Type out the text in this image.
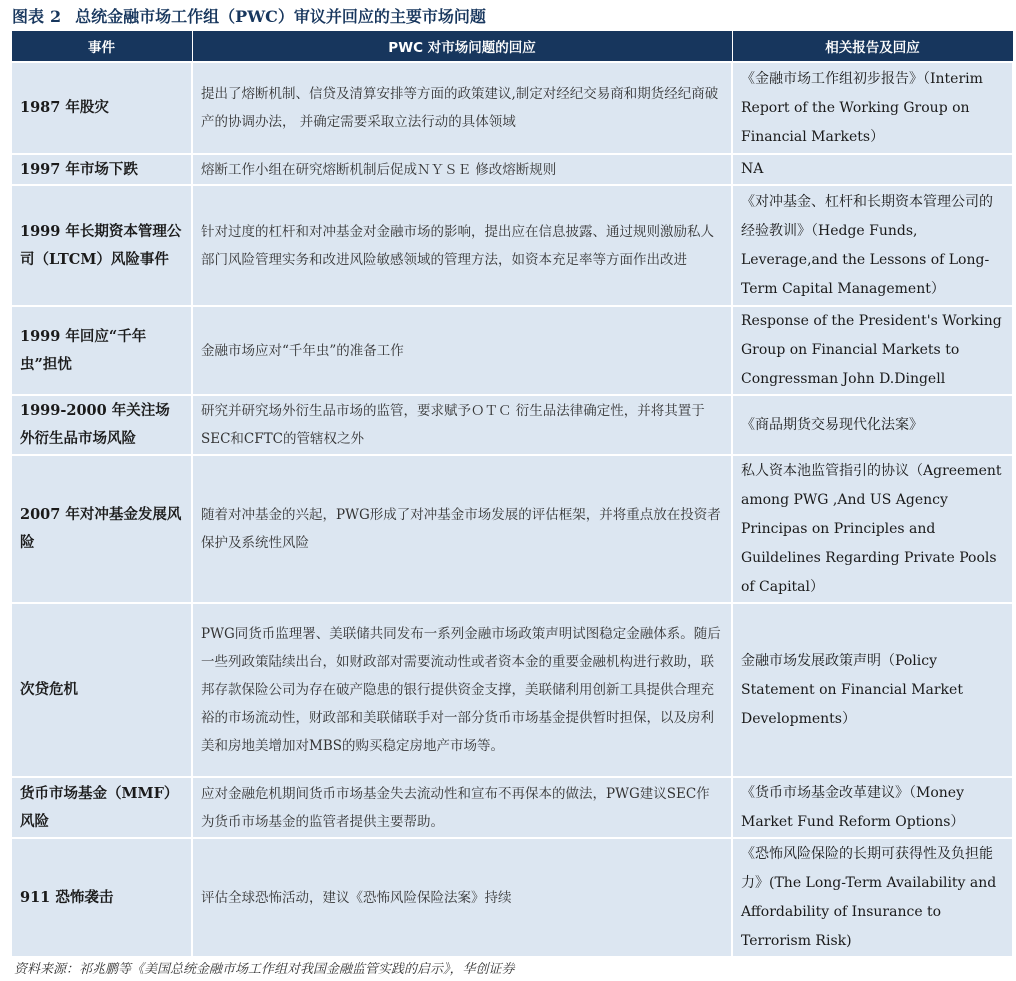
图表 2 总统金融市场工作组（PWC）审议并回应的主要市场问题
事件	PWC 对市场问题的回应	相关报告及回应
1987 年股灾	提出了熔断机制、信贷及清算安排等方面的政策建议,制定对经纪交易商和期货经纪商破产的协调办法， 并确定需要采取立法行动的具体领域	《金融市场工作组初步报告》（Interim Report of the Working Group on Financial Markets）
1997 年市场下跌	熔断工作小组在研究熔断机制后促成ＮＹＳＥ 修改熔断规则	NA
1999 年长期资本管理公司（LTCM）风险事件	针对过度的杠杆和对冲基金对金融市场的影响，提出应在信息披露、通过规则激励私人部门风险管理实务和改进风险敏感领域的管理方法，如资本充足率等方面作出改进	《对冲基金、杠杆和长期资本管理公司的经验教训》（Hedge Funds, Leverage,and the Lessons of Long-Term Capital Management）
1999 年回应“千年虫”担忧	金融市场应对“千年虫”的准备工作	Response of the President's Working Group on Financial Markets to Congressman John D.Dingell
1999-2000 年关注场外衍生品市场风险	研究并研究场外衍生品市场的监管，要求赋予ＯＴＣ 衍生品法律确定性，并将其置于SEC和CFTC的管辖权之外	《商品期货交易现代化法案》
2007 年对冲基金发展风险	随着对冲基金的兴起，PWG形成了对冲基金市场发展的评估框架，并将重点放在投资者保护及系统性风险	私人资本池监管指引的协议（Agreement among PWG ,And US Agency Principas on Principles and Guildelines Regarding Private Pools of Capital）
次贷危机	PWG同货币监理署、美联储共同发布一系列金融市场政策声明试图稳定金融体系。随后一些列政策陆续出台，如财政部对需要流动性或者资本金的重要金融机构进行救助，联邦存款保险公司为存在破产隐患的银行提供资金支撑，美联储利用创新工具提供合理充裕的市场流动性，财政部和美联储联手对一部分货币市场基金提供暂时担保，以及房利美和房地美增加对MBS的购买稳定房地产市场等。	金融市场发展政策声明（Policy Statement on Financial Market Developments）
货币市场基金（MMF）风险	应对金融危机期间货币市场基金失去流动性和宣布不再保本的做法，PWG建议SEC作为货币市场基金的监管者提供主要帮助。	《货币市场基金改革建议》（Money Market Fund Reform Options）
911 恐怖袭击	评估全球恐怖活动，建议《恐怖风险保险法案》持续	《恐怖风险保险的长期可获得性及负担能力》(The Long-Term Availability and Affordability of Insurance to Terrorism Risk)
资料来源：祁兆鹏等《美国总统金融市场工作组对我国金融监管实践的启示》，华创证券
